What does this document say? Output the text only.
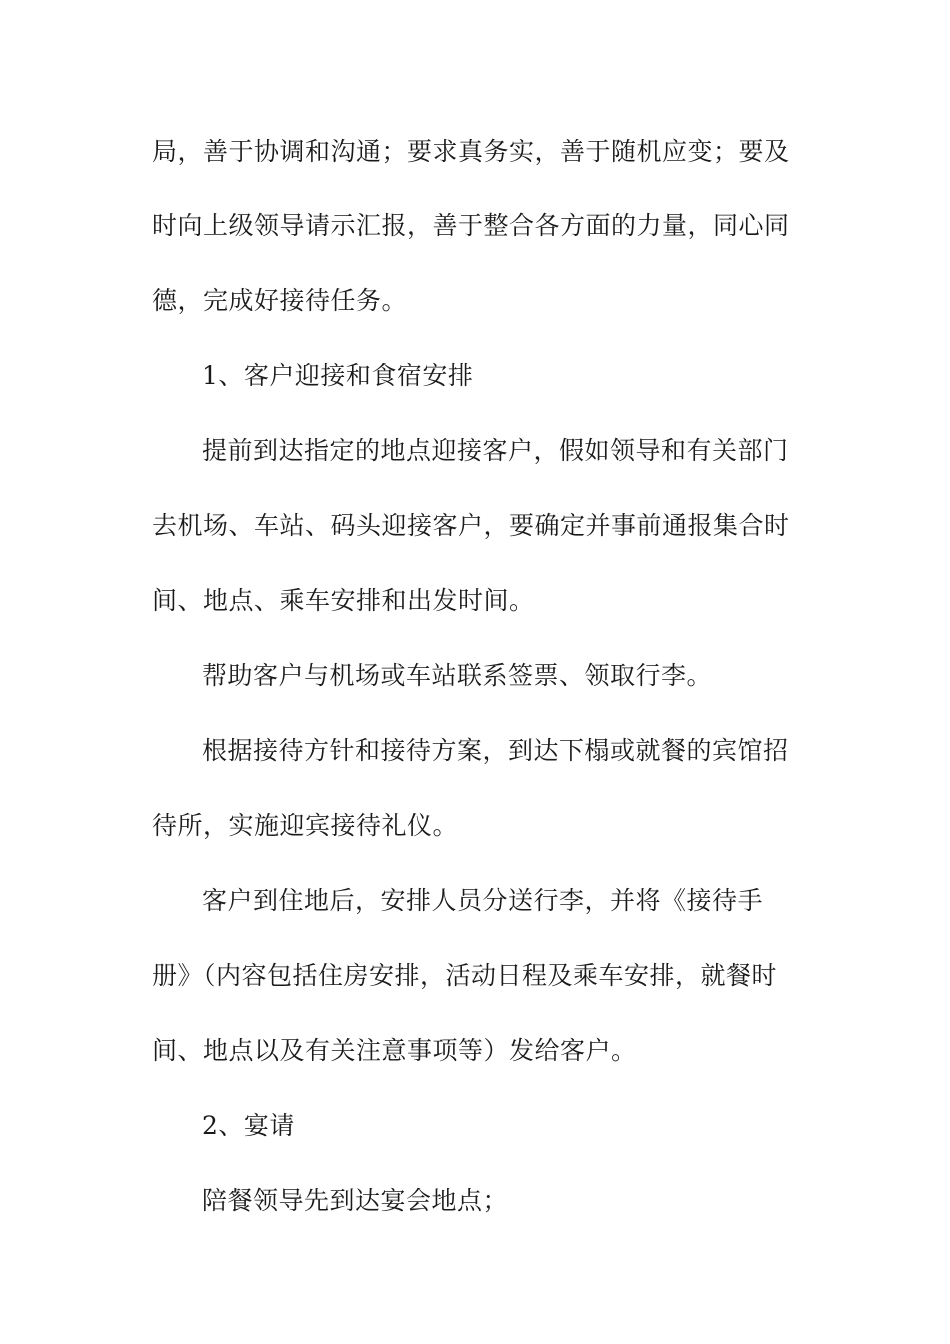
局，善于协调和沟通；要求真务实，善于随机应变；要及

时向上级领导请示汇报，善于整合各方面的力量，同心同

德，完成好接待任务。

1、客户迎接和食宿安排

提前到达指定的地点迎接客户，假如领导和有关部门

去机场、车站、码头迎接客户，要确定并事前通报集合时

间、地点、乘车安排和出发时间。

帮助客户与机场或车站联系签票、领取行李。

根据接待方针和接待方案，到达下榻或就餐的宾馆招

待所，实施迎宾接待礼仪。

客户到住地后，安排人员分送行李，并将《接待手

册》（内容包括住房安排，活动日程及乘车安排，就餐时

间、地点以及有关注意事项等）发给客户。

2、宴请

陪餐领导先到达宴会地点；
